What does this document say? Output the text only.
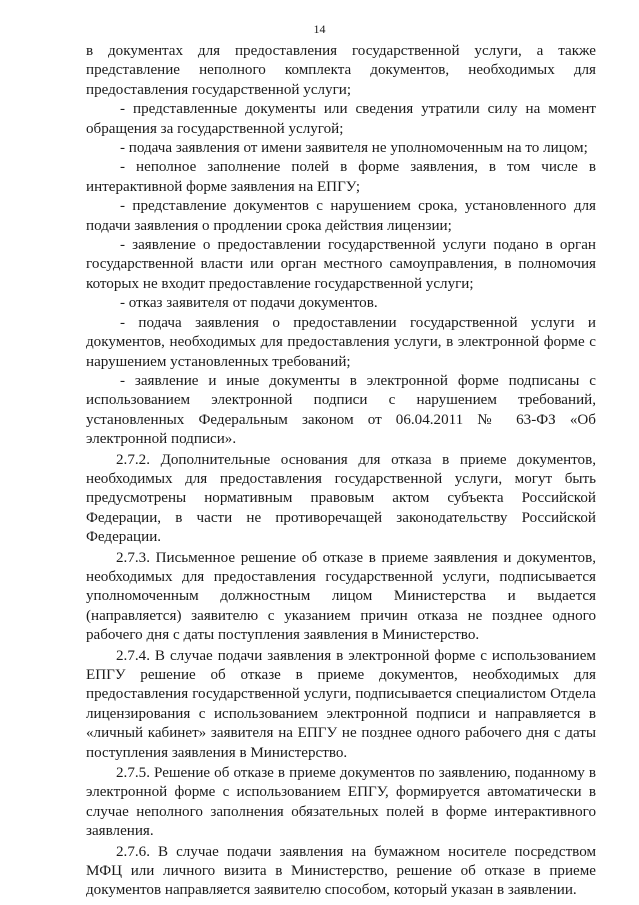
14

в документах для предоставления государственной услуги, а также представление неполного комплекта документов, необходимых для предоставления государственной услуги;

- представленные документы или сведения утратили силу на момент обращения за государственной услугой;

- подача заявления от имени заявителя не уполномоченным на то лицом;

- неполное заполнение полей в форме заявления, в том числе в интерактивной форме заявления на ЕПГУ;

- представление документов с нарушением срока, установленного для подачи заявления о продлении срока действия лицензии;

- заявление о предоставлении государственной услуги подано в орган государственной власти или орган местного самоуправления, в полномочия которых не входит предоставление государственной услуги;

- отказ заявителя от подачи документов.

- подача заявления о предоставлении государственной услуги и документов, необходимых для предоставления услуги, в электронной форме с нарушением установленных требований;

- заявление и иные документы в электронной форме подписаны с использованием электронной подписи с нарушением требований, установленных Федеральным законом от 06.04.2011 № 63-ФЗ «Об электронной подписи».

2.7.2. Дополнительные основания для отказа в приеме документов, необходимых для предоставления государственной услуги, могут быть предусмотрены нормативным правовым актом субъекта Российской Федерации, в части не противоречащей законодательству Российской Федерации.

2.7.3. Письменное решение об отказе в приеме заявления и документов, необходимых для предоставления государственной услуги, подписывается уполномоченным должностным лицом Министерства и выдается (направляется) заявителю с указанием причин отказа не позднее одного рабочего дня с даты поступления заявления в Министерство.

2.7.4. В случае подачи заявления в электронной форме с использованием ЕПГУ решение об отказе в приеме документов, необходимых для предоставления государственной услуги, подписывается специалистом Отдела лицензирования с использованием электронной подписи и направляется в «личный кабинет» заявителя на ЕПГУ не позднее одного рабочего дня с даты поступления заявления в Министерство.

2.7.5. Решение об отказе в приеме документов по заявлению, поданному в электронной форме с использованием ЕПГУ, формируется автоматически в случае неполного заполнения обязательных полей в форме интерактивного заявления.

2.7.6. В случае подачи заявления на бумажном носителе посредством МФЦ или личного визита в Министерство, решение об отказе в приеме документов направляется заявителю способом, который указан в заявлении.
